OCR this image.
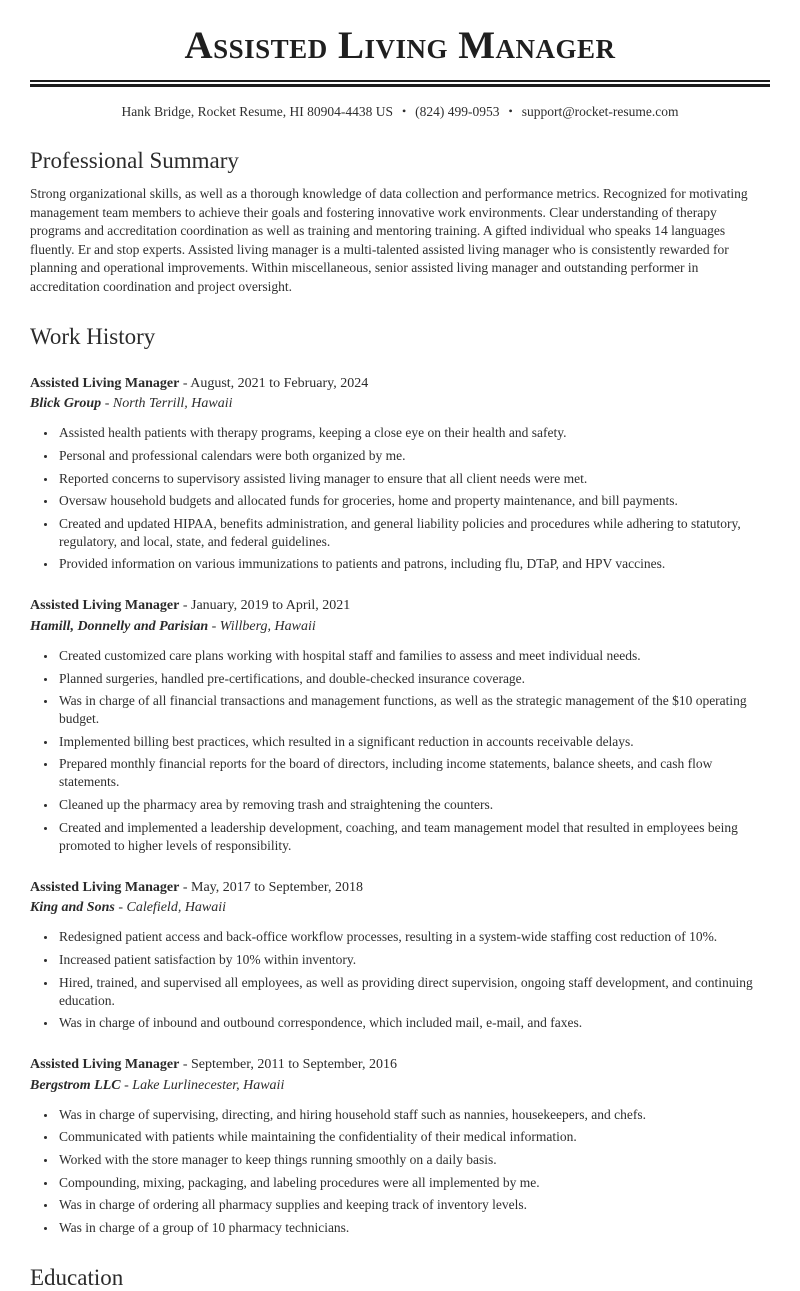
Assisted Living Manager
Hank Bridge, Rocket Resume, HI 80904-4438 US • (824) 499-0953 • support@rocket-resume.com
Professional Summary

Strong organizational skills, as well as a thorough knowledge of data collection and performance metrics. Recognized for motivating management team members to achieve their goals and fostering innovative work environments. Clear understanding of therapy programs and accreditation coordination as well as training and mentoring training. A gifted individual who speaks 14 languages fluently. Er and stop experts. Assisted living manager is a multi-talented assisted living manager who is consistently rewarded for planning and operational improvements. Within miscellaneous, senior assisted living manager and outstanding performer in accreditation coordination and project oversight.

Work History
Assisted Living Manager - August, 2021 to February, 2024
Blick Group - North Terrill, Hawaii
• Assisted health patients with therapy programs, keeping a close eye on their health and safety.
• Personal and professional calendars were both organized by me.
• Reported concerns to supervisory assisted living manager to ensure that all client needs were met.
• Oversaw household budgets and allocated funds for groceries, home and property maintenance, and bill payments.
• Created and updated HIPAA, benefits administration, and general liability policies and procedures while adhering to statutory, regulatory, and local, state, and federal guidelines.
• Provided information on various immunizations to patients and patrons, including flu, DTaP, and HPV vaccines.
Assisted Living Manager - January, 2019 to April, 2021
Hamill, Donnelly and Parisian - Willberg, Hawaii
• Created customized care plans working with hospital staff and families to assess and meet individual needs.
• Planned surgeries, handled pre-certifications, and double-checked insurance coverage.
• Was in charge of all financial transactions and management functions, as well as the strategic management of the $10 operating budget.
• Implemented billing best practices, which resulted in a significant reduction in accounts receivable delays.
• Prepared monthly financial reports for the board of directors, including income statements, balance sheets, and cash flow statements.
• Cleaned up the pharmacy area by removing trash and straightening the counters.
• Created and implemented a leadership development, coaching, and team management model that resulted in employees being promoted to higher levels of responsibility.
Assisted Living Manager - May, 2017 to September, 2018
King and Sons - Calefield, Hawaii
• Redesigned patient access and back-office workflow processes, resulting in a system-wide staffing cost reduction of 10%.
• Increased patient satisfaction by 10% within inventory.
• Hired, trained, and supervised all employees, as well as providing direct supervision, ongoing staff development, and continuing education.
• Was in charge of inbound and outbound correspondence, which included mail, e-mail, and faxes.
Assisted Living Manager - September, 2011 to September, 2016
Bergstrom LLC - Lake Lurlinecester, Hawaii
• Was in charge of supervising, directing, and hiring household staff such as nannies, housekeepers, and chefs.
• Communicated with patients while maintaining the confidentiality of their medical information.
• Worked with the store manager to keep things running smoothly on a daily basis.
• Compounding, mixing, packaging, and labeling procedures were all implemented by me.
• Was in charge of ordering all pharmacy supplies and keeping track of inventory levels.
• Was in charge of a group of 10 pharmacy technicians.
Education
